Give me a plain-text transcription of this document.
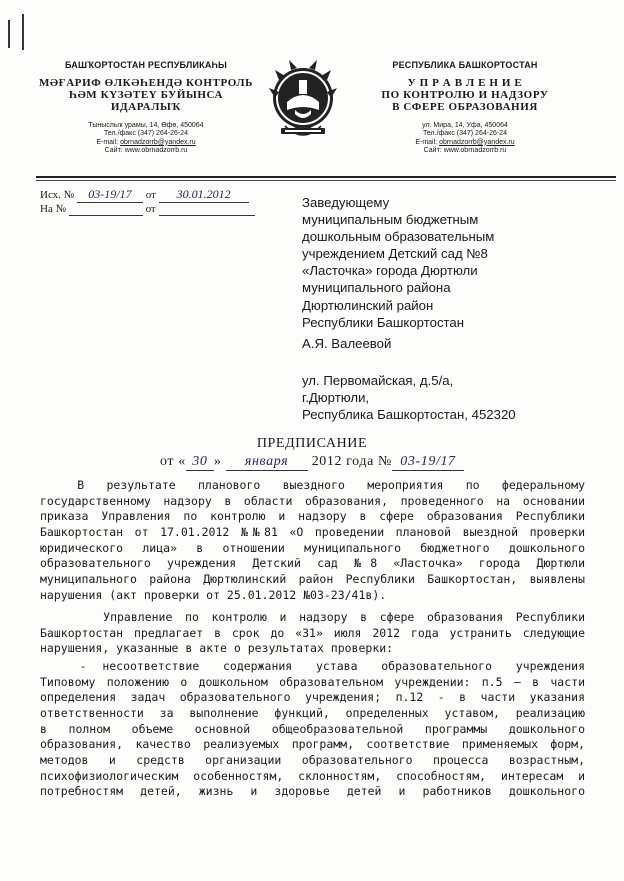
БАШҠОРТОСТАН РЕСПУБЛИКАҺЫ
МӘҒАРИФ ӨЛКӘҺЕНДӘ КОНТРОЛЬ
ҺӘМ КҮЗӘТЕҮ БУЙЫНСА
ИДАРАЛЫҠ
Тыныслыҡ урамы, 14, Өфө, 450064
Тел./факс (347) 264-26-24
E-mail: obrnadzorrb@yandex.ru
Сайт: www.obrnadzorrb.ru
РЕСПУБЛИКА БАШКОРТОСТАН
У П Р А В Л Е Н И Е
ПО КОНТРОЛЮ И НАДЗОРУ
В СФЕРЕ ОБРАЗОВАНИЯ
ул. Мира, 14, Уфа, 450064
Тел./факс (347) 264-26-24
E-mail: obrnadzorrb@yandex.ru
Сайт: www.obrnadzorrb.ru
Исх. № 03-19/17 от 30.01.2012
На №	от	Заведующему
муниципальным бюджетным
дошкольным образовательным
учреждением Детский сад №8
«Ласточка» города Дюртюли
муниципального района
Дюртюлинский район
Республики Башкортостан
А.Я. Валеевой
ул. Первомайская, д.5/а,
г.Дюртюли,
Республика Башкортостан, 452320
ПРЕДПИСАНИЕ
от « 30 » января 2012 года № 03-19/17

В   результате   планового   выездного   мероприятия   по   федеральному

государственному надзору в области образования, проведенного на основании

приказа Управления по контролю и надзору в сфере образования Республики

Башкортостан от 17.01.2012 №№81 «О проведении плановой выездной проверки

юридического лица» в отношении муниципального бюджетного дошкольного

образовательного учреждения Детский сад №8 «Ласточка» города Дюртюли

муниципального района Дюртюлинский район Республики Башкортостан, выявлены

нарушения (акт проверки от 25.01.2012 №03-23/41в).

Управление по контролю и надзору в сфере образования Республики

Башкортостан предлагает в срок до «31» июля 2012 года устранить следующие

нарушения, указанные в акте о результатах проверки:

-  несоответствие   содержания   устава   образовательного   учреждения

Типовому положению о дошкольном образовательном учреждении: п.5 – в части

определения задач образовательного учреждения; п.12 - в части указания

ответственности за выполнение функций, определенных уставом, реализацию

в полном объеме основной общеобразовательной программы дошкольного

образования, качество реализуемых программ, соответствие применяемых форм,

методов и средств организации образовательного процесса возрастным,

психофизиологическим особенностям, склонностям, способностям, интересам и

потребностям детей, жизнь и здоровье детей и работников дошкольного
